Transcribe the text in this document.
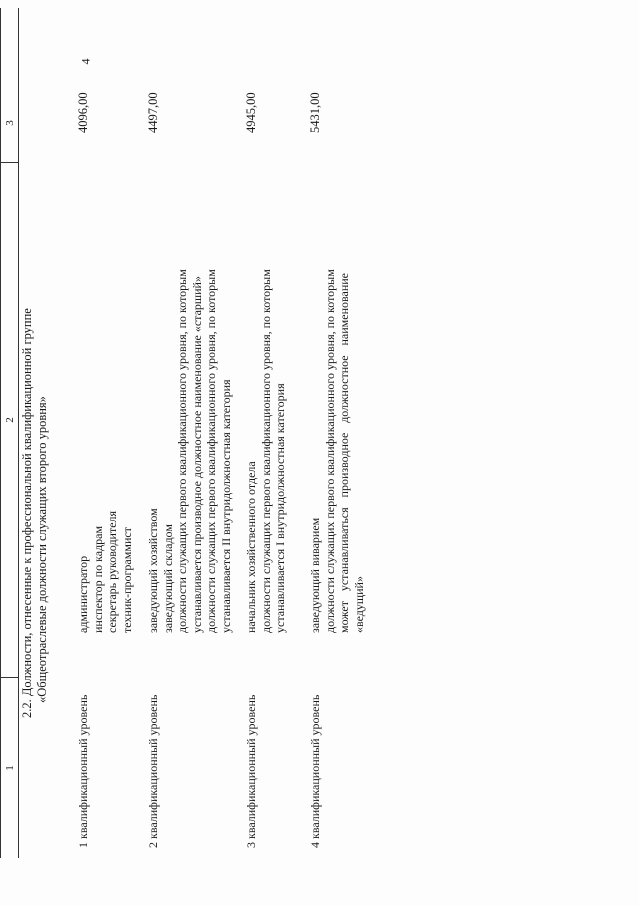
4
1
2
3
2.2. Должности, отнесенные к профессиональной квалификационной группе «Общеотраслевые должности служащих второго уровня»
1 квалификационный уровень
администратор инспектор по кадрам секретарь руководителя техник-программист
4096,00
2 квалификационный уровень
заведующий хозяйством заведующий складом должности служащих первого квалификационного уровня, по которым устанавливается производное должностное наименование «старший» должности служащих первого квалификационного уровня, по которым устанавливается II внутридолжностная категория
4497,00
3 квалификационный уровень
начальник хозяйственного отдела должности служащих первого квалификационного уровня, по которым устанавливается I внутридолжностная категория
4945,00
4 квалификационный уровень
заведующий виварием должности служащих первого квалификационного уровня, по которым может устанавливаться производное должностное наименование «ведущий»
5431,00
